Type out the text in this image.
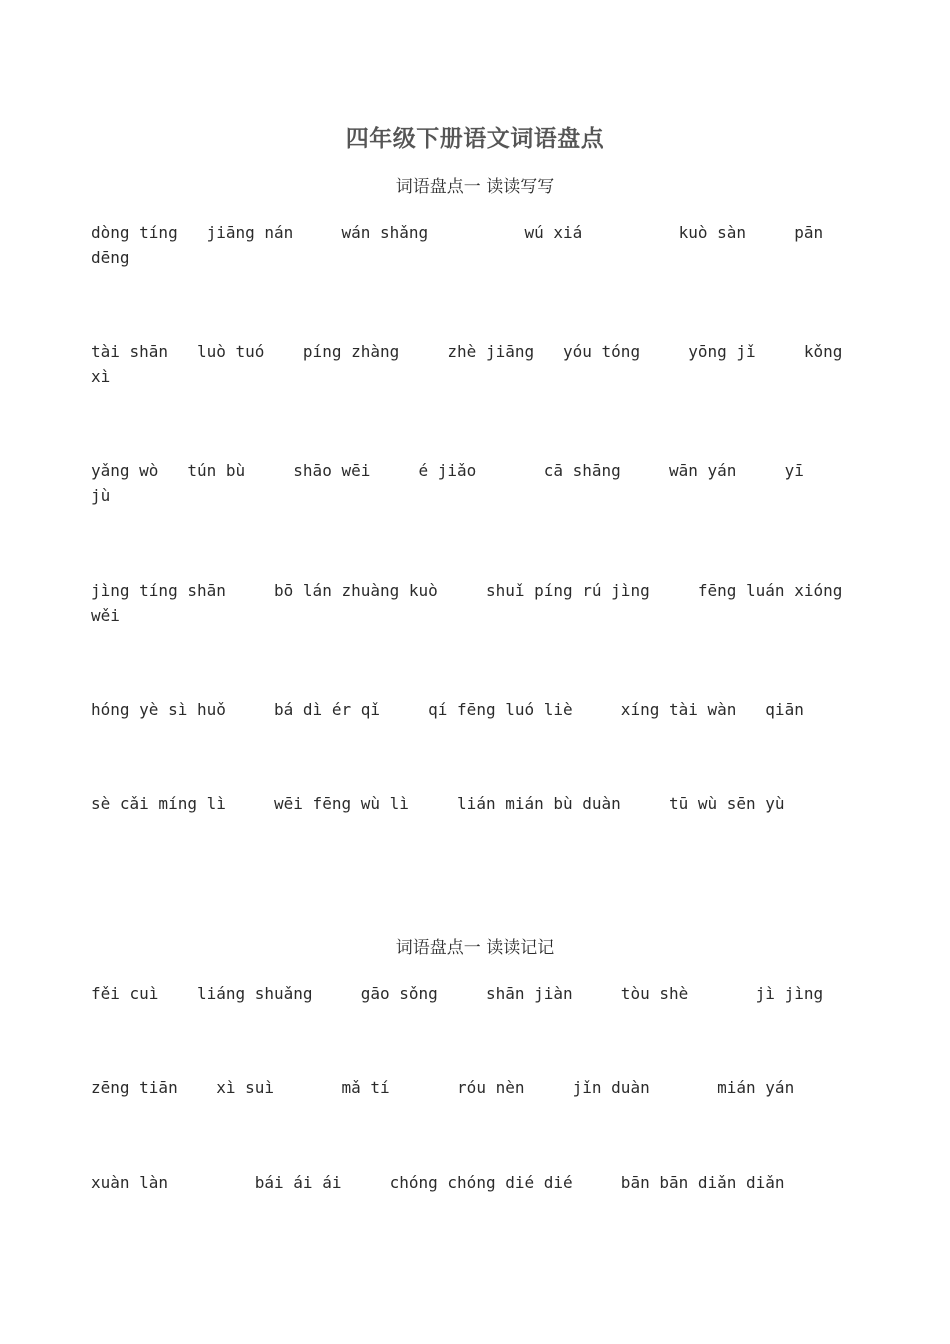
四年级下册语文词语盘点
词语盘点一 读读写写
dòng tíng   jiāng nán     wán shǎng          wú xiá          kuò sàn     pān
dēng
tài shān   luò tuó    píng zhàng     zhè jiāng   yóu tóng     yōng jǐ     kǒng
xì
yǎng wò   tún bù     shāo wēi     é jiǎo       cā shāng     wān yán     yī
jù
jìng tíng shān     bō lán zhuàng kuò     shuǐ píng rú jìng     fēng luán xióng
wěi
hóng yè sì huǒ     bá dì ér qǐ     qí fēng luó liè     xíng tài wàn   qiān
sè cǎi míng lì     wēi fēng wù lì     lián mián bù duàn     tū wù sēn yù
词语盘点一 读读记记
fěi cuì    liáng shuǎng     gāo sǒng     shān jiàn     tòu shè       jì jìng
zēng tiān    xì suì       mǎ tí       róu nèn     jǐn duàn       mián yán
xuàn làn         bái ái ái     chóng chóng dié dié     bān bān diǎn diǎn
